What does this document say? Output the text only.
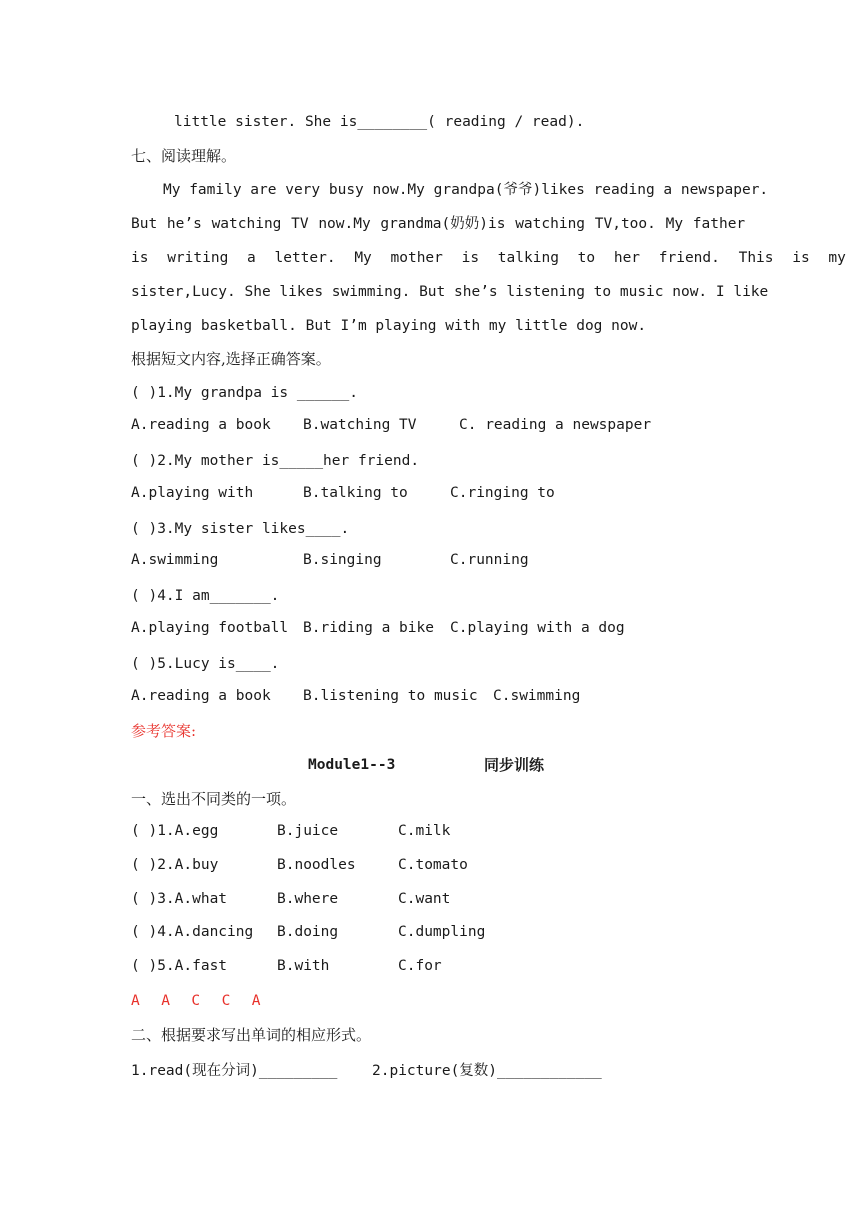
little sister. She is________( reading / read).
七、阅读理解。
My family are very busy now.My grandpa(爷爷)likes reading a newspaper.
But he’s watching TV now.My grandma(奶奶)is watching TV,too. My father
is writing a letter. My mother is talking to her friend. This is my
sister,Lucy. She likes swimming. But she’s listening to music now. I like
playing basketball. But I’m playing with my little dog now.
根据短文内容,选择正确答案。
( )1.My grandpa is ______.
A.reading a book B.watching TV	C. reading a newspaper
( )2.My mother is_____her friend.
A.playing with	B.talking to	C.ringing to
( )3.My sister likes____.
A.swimming	B.singing	C.running
( )4.I am_______.
A.playing football B.riding a bike C.playing with a dog
( )5.Lucy is____.
A.reading a book B.listening to music C.swimming
参考答案:
Module1--3	同步训练
一、选出不同类的一项。
( )1.A.egg	B.juice	C.milk
( )2.A.buy	B.noodles	C.tomato
( )3.A.what	B.where	C.want
( )4.A.dancing B.doing	C.dumpling
( )5.A.fast	B.with	C.for
A  A  C  C  A
二、根据要求写出单词的相应形式。
1.read(现在分词)_________ 2.picture(复数)____________
